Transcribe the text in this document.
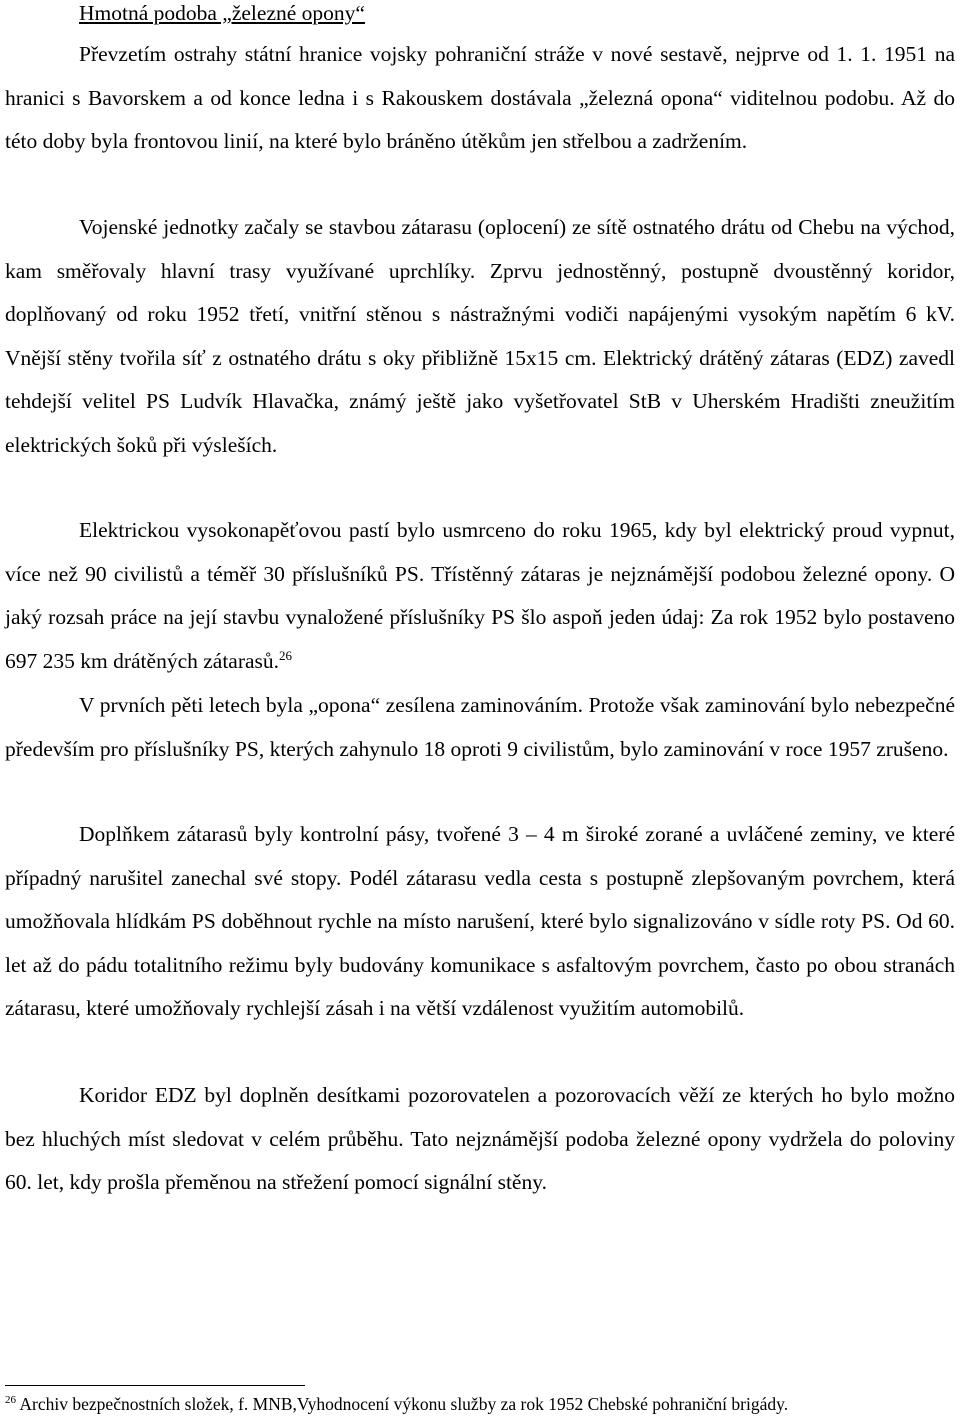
Hmotná podoba „železné opony“

Převzetím ostrahy státní hranice vojsky pohraniční stráže v nové sestavě, nejprve od 1. 1. 1951 na hranici s Bavorskem a od konce ledna i s Rakouskem dostávala „železná opona“ viditelnou podobu. Až do této doby byla frontovou linií, na které bylo bráněno útěkům jen střelbou a zadržením.

Vojenské jednotky začaly se stavbou zátarasu (oplocení) ze sítě ostnatého drátu od Chebu na východ, kam směřovaly hlavní trasy využívané uprchlíky. Zprvu jednostěnný, postupně dvoustěnný koridor, doplňovaný od roku 1952 třetí, vnitřní stěnou s nástražnými vodiči napájenými vysokým napětím 6 kV. Vnější stěny tvořila síť z ostnatého drátu s oky přibližně 15x15 cm. Elektrický drátěný zátaras (EDZ) zavedl tehdejší velitel PS Ludvík Hlavačka, známý ještě jako vyšetřovatel StB v Uherském Hradišti zneužitím elektrických šoků při výsleších.

Elektrickou vysokonapěťovou pastí bylo usmrceno do roku 1965, kdy byl elektrický proud vypnut, více než 90 civilistů a téměř 30 příslušníků PS. Třístěnný zátaras je nejznámější podobou železné opony. O jaký rozsah práce na její stavbu vynaložené příslušníky PS šlo aspoň jeden údaj: Za rok 1952 bylo postaveno 697 235 km drátěných zátarasů.$^{26}$

V prvních pěti letech byla „opona“ zesílena zaminováním. Protože však zaminování bylo nebezpečné především pro příslušníky PS, kterých zahynulo 18 oproti 9 civilistům, bylo zaminování v roce 1957 zrušeno.

Doplňkem zátarasů byly kontrolní pásy, tvořené 3 – 4 m široké zorané a uvláčené zeminy, ve které případný narušitel zanechal své stopy. Podél zátarasu vedla cesta s postupně zlepšovaným povrchem, která umožňovala hlídkám PS doběhnout rychle na místo narušení, které bylo signalizováno v sídle roty PS. Od 60. let až do pádu totalitního režimu byly budovány komunikace s asfaltovým povrchem, často po obou stranách zátarasu, které umožňovaly rychlejší zásah i na větší vzdálenost využitím automobilů.

Koridor EDZ byl doplněn desítkami pozorovatelen a pozorovacích věží ze kterých ho bylo možno bez hluchých míst sledovat v celém průběhu. Tato nejznámější podoba železné opony vydržela do poloviny 60. let, kdy prošla přeměnou na střežení pomocí signální stěny.

$^{26}$ Archiv bezpečnostních složek, f. MNB,Vyhodnocení výkonu služby za rok 1952 Chebské pohraniční brigády.
